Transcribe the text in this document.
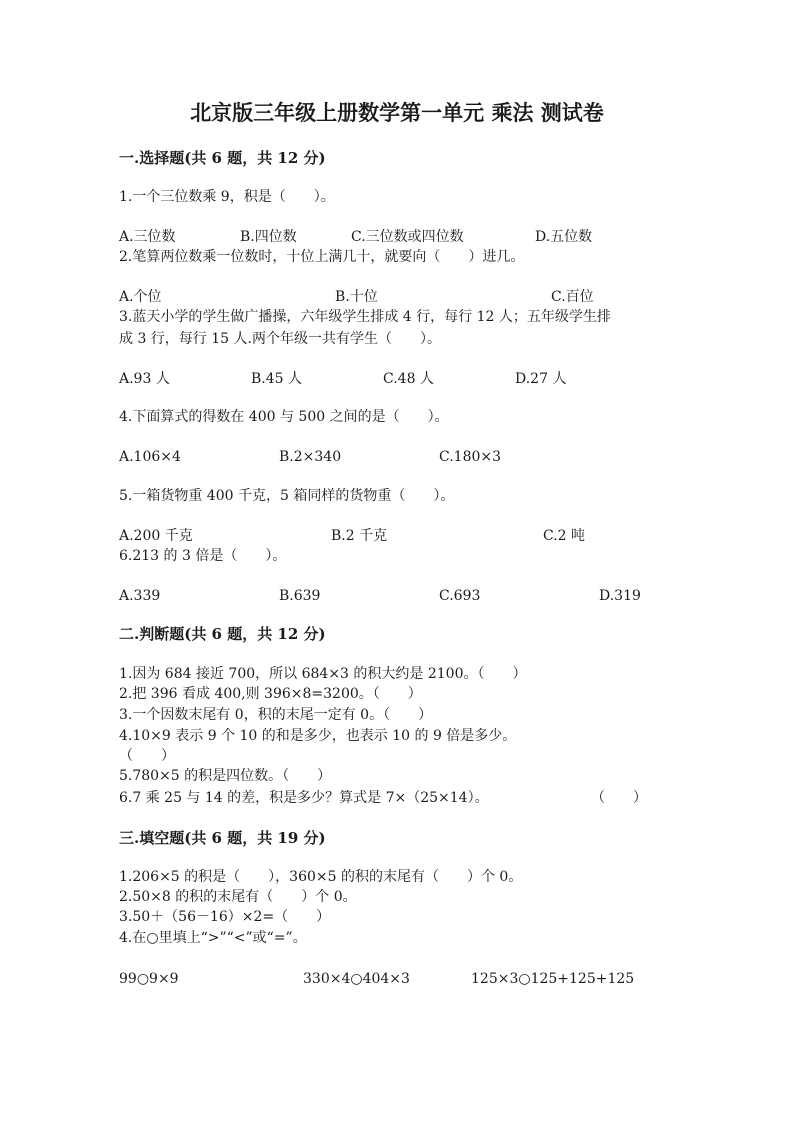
北京版三年级上册数学第一单元 乘法 测试卷
一.选择题(共 6 题，共 12 分)
1.一个三位数乘 9，积是（　　）。
A.三位数	B.四位数	C.三位数或四位数	D.五位数
2.笔算两位数乘一位数时，十位上满几十，就要向（　　）进几。
A.个位	B.十位	C.百位
3.蓝天小学的学生做广播操，六年级学生排成 4 行，每行 12 人；五年级学生排
成 3 行，每行 15 人.两个年级一共有学生（　　）。
A.93 人	B.45 人	C.48 人	D.27 人
4.下面算式的得数在 400 与 500 之间的是（　　）。
A.106×4	B.2×340	C.180×3
5.一箱货物重 400 千克，5 箱同样的货物重（　　）。
A.200 千克	B.2 千克	C.2 吨
6.213 的 3 倍是（　　）。
A.339	B.639	C.693	D.319
二.判断题(共 6 题，共 12 分)
1.因为 684 接近 700，所以 684×3 的积大约是 2100。（　　）
2.把 396 看成 400,则 396×8=3200。（　　）
3.一个因数末尾有 0，积的末尾一定有 0。（　　）
4.10×9 表示 9 个 10 的和是多少，也表示 10 的 9 倍是多少。
（　　）
5.780×5 的积是四位数。（　　）
6.7 乘 25 与 14 的差，积是多少？算式是 7×（25×14）。	（　　）
三.填空题(共 6 题，共 19 分)
1.206×5 的积是（　　），360×5 的积的末尾有（　　）个 0。
2.50×8 的积的末尾有（　　）个 0。
3.50＋（56－16）×2=（　　）
4.在○里填上“>”“<”或“=”。
99○9×9	330×4○404×3	125×3○125+125+125
